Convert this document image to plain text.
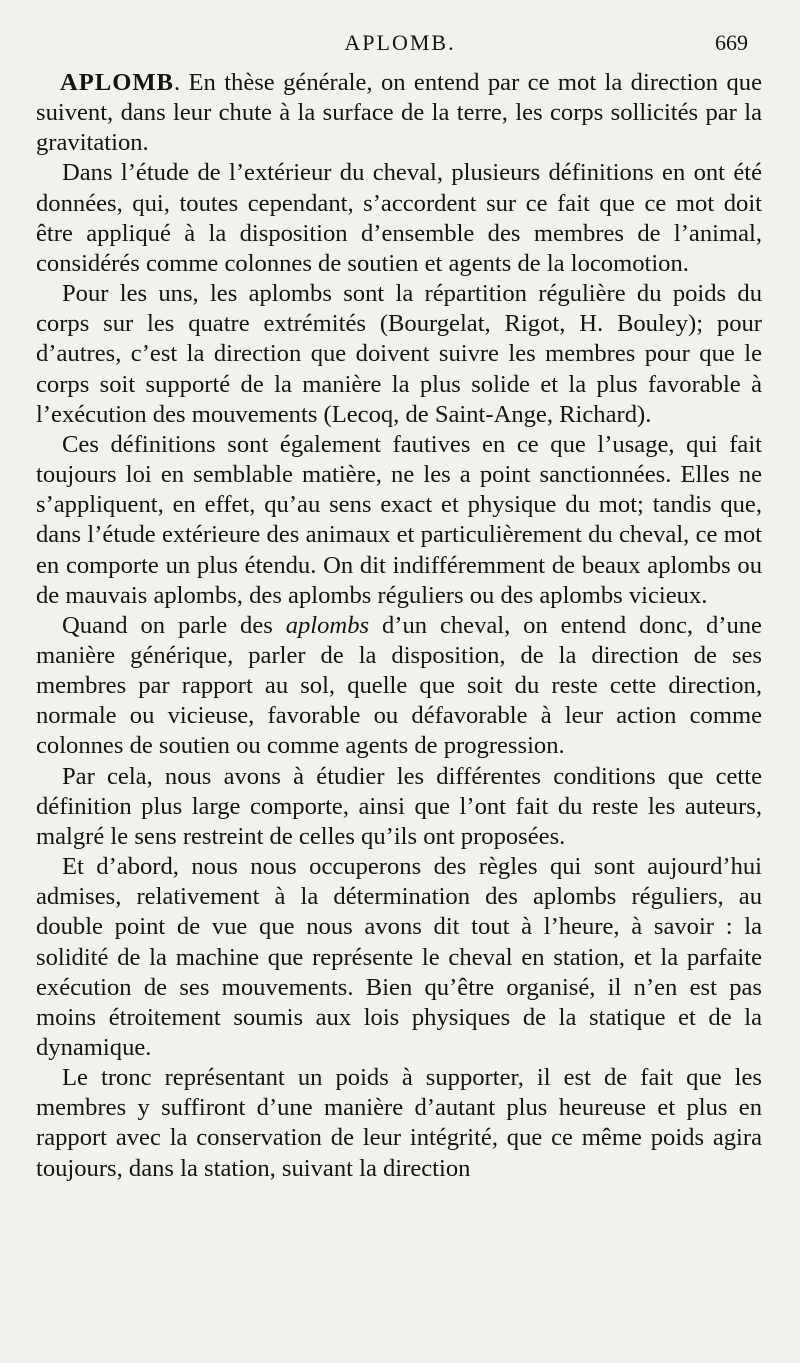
APLOMB.	669

APLOMB. En thèse générale, on entend par ce mot la direction que suivent, dans leur chute à la surface de la terre, les corps sollicités par la gravitation.

Dans l’étude de l’extérieur du cheval, plusieurs définitions en ont été données, qui, toutes cependant, s’accordent sur ce fait que ce mot doit être appliqué à la disposition d’ensemble des membres de l’animal, considérés comme colonnes de soutien et agents de la locomotion.

Pour les uns, les aplombs sont la répartition régulière du poids du corps sur les quatre extrémités (Bourgelat, Rigot, H. Bouley); pour d’autres, c’est la direction que doivent suivre les membres pour que le corps soit supporté de la manière la plus solide et la plus favorable à l’exécution des mouvements (Lecoq, de Saint-Ange, Richard).

Ces définitions sont également fautives en ce que l’usage, qui fait toujours loi en semblable matière, ne les a point sanctionnées. Elles ne s’appliquent, en effet, qu’au sens exact et physique du mot; tandis que, dans l’étude extérieure des animaux et particulièrement du cheval, ce mot en comporte un plus étendu. On dit indifféremment de beaux aplombs ou de mauvais aplombs, des aplombs réguliers ou des aplombs vicieux.

Quand on parle des aplombs d’un cheval, on entend donc, d’une manière générique, parler de la disposition, de la direction de ses membres par rapport au sol, quelle que soit du reste cette direction, normale ou vicieuse, favorable ou défavorable à leur action comme colonnes de soutien ou comme agents de progression.

Par cela, nous avons à étudier les différentes conditions que cette définition plus large comporte, ainsi que l’ont fait du reste les auteurs, malgré le sens restreint de celles qu’ils ont proposées.

Et d’abord, nous nous occuperons des règles qui sont aujourd’hui admises, relativement à la détermination des aplombs réguliers, au double point de vue que nous avons dit tout à l’heure, à savoir : la solidité de la machine que représente le cheval en station, et la parfaite exécution de ses mouvements. Bien qu’être organisé, il n’en est pas moins étroitement soumis aux lois physiques de la statique et de la dynamique.

Le tronc représentant un poids à supporter, il est de fait que les membres y suffiront d’une manière d’autant plus heureuse et plus en rapport avec la conservation de leur intégrité, que ce même poids agira toujours, dans la station, suivant la direction
